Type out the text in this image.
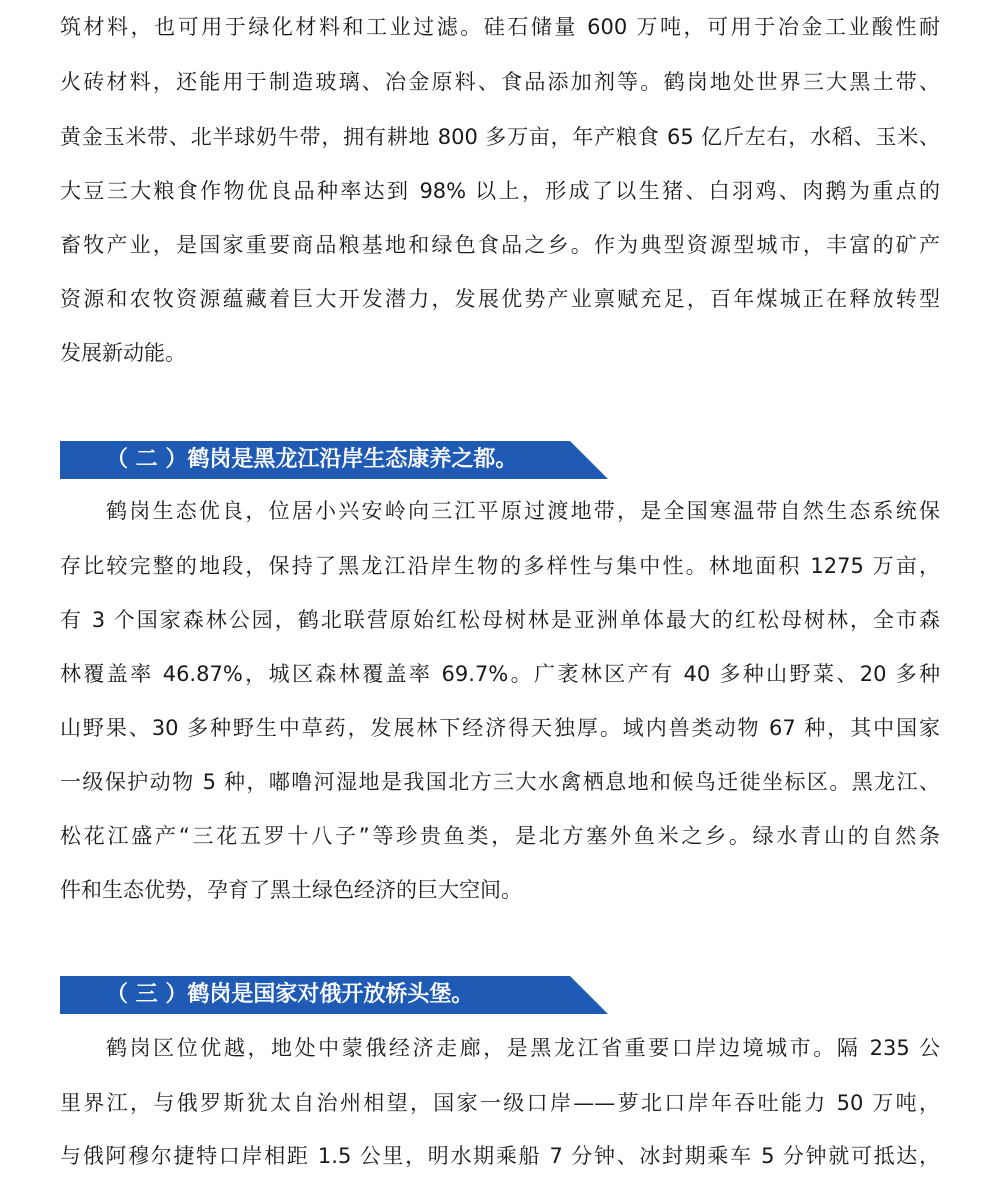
筑材料，也可用于绿化材料和工业过滤。硅石储量 600 万吨，可用于冶金工业酸性耐
火砖材料，还能用于制造玻璃、冶金原料、食品添加剂等。鹤岗地处世界三大黑土带、
黄金玉米带、北半球奶牛带，拥有耕地 800 多万亩，年产粮食 65 亿斤左右，水稻、玉米、
大豆三大粮食作物优良品种率达到 98% 以上，形成了以生猪、白羽鸡、肉鹅为重点的
畜牧产业，是国家重要商品粮基地和绿色食品之乡。作为典型资源型城市，丰富的矿产
资源和农牧资源蕴藏着巨大开发潜力，发展优势产业禀赋充足，百年煤城正在释放转型
发展新动能。
（ 二 ）鹤岗是黑龙江沿岸生态康养之都。
鹤岗生态优良，位居小兴安岭向三江平原过渡地带，是全国寒温带自然生态系统保
存比较完整的地段，保持了黑龙江沿岸生物的多样性与集中性。林地面积 1275 万亩，
有 3 个国家森林公园，鹤北联营原始红松母树林是亚洲单体最大的红松母树林，全市森
林覆盖率 46.87%，城区森林覆盖率 69.7%。广袤林区产有 40 多种山野菜、20 多种
山野果、30 多种野生中草药，发展林下经济得天独厚。域内兽类动物 67 种，其中国家
一级保护动物 5 种，嘟噜河湿地是我国北方三大水禽栖息地和候鸟迁徙坐标区。黑龙江、
松花江盛产“三花五罗十八子”等珍贵鱼类，是北方塞外鱼米之乡。绿水青山的自然条
件和生态优势，孕育了黑土绿色经济的巨大空间。
（ 三 ）鹤岗是国家对俄开放桥头堡。
鹤岗区位优越，地处中蒙俄经济走廊，是黑龙江省重要口岸边境城市。隔 235 公
里界江，与俄罗斯犹太自治州相望，国家一级口岸——萝北口岸年吞吐能力 50 万吨，
与俄阿穆尔捷特口岸相距 1.5 公里，明水期乘船 7 分钟、冰封期乘车 5 分钟就可抵达，
